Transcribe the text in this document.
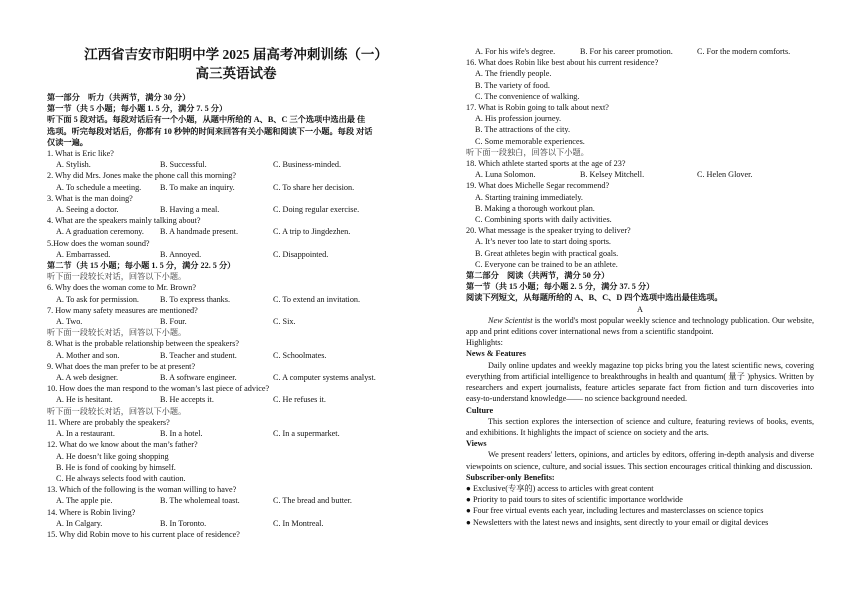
江西省吉安市阳明中学 2025 届高考冲刺训练（一）
高三英语试卷
第一部分　听力（共两节，满分 30 分）
第一节（共 5 小题；每小题 1. 5 分，满分 7. 5 分）
听下面 5 段对话。每段对话后有一个小题，从题中所给的 A、B、C 三个选项中选出最 佳
选项。听完每段对话后，你都有 10 秒钟的时间来回答有关小题和阅读下一小题。每段 对话
仅读一遍。
1. What is Eric like?
A. Stylish.	B. Successful.	C. Business-minded.
2. Why did Mrs. Jones make the phone call this morning?
A. To schedule a meeting.	B. To make an inquiry.	C. To share her decision.
3. What is the man doing?
A. Seeing a doctor.	B. Having a meal.	C. Doing regular exercise.
4. What are the speakers mainly talking about?
A. A graduation ceremony.	B. A handmade present.	C. A trip to Jingdezhen.
5.How does the woman sound?
A. Embarrassed.	B. Annoyed.	C. Disappointed.
第二节（共 15 小题；每小题 1. 5 分，满分 22. 5 分）
听下面一段较长对话，回答以下小题。
6. Why does the woman come to Mr. Brown?
A. To ask for permission.	B. To express thanks.	C. To extend an invitation.
7. How many safety measures are mentioned?
A. Two.	B. Four.	C. Six.
听下面一段较长对话，回答以下小题。
8. What is the probable relationship between the speakers?
A. Mother and son.	B. Teacher and student.	C. Schoolmates.
9. What does the man prefer to be at present?
A. A web designer.	B. A software engineer.	C. A computer systems analyst.
10. How does the man respond to the woman’s last piece of advice?
A. He is hesitant.	B. He accepts it.	C. He refuses it.
听下面一段较长对话，回答以下小题。
11. Where are probably the speakers?
A. In a restaurant.	B. In a hotel.	C. In a supermarket.
12. What do we know about the man’s father?
A. He doesn’t like going shopping
B. He is fond of cooking by himself.
C. He always selects food with caution.
13. Which of the following is the woman willing to have?
A. The apple pie.	B. The wholemeal toast.	C. The bread and butter.
14. Where is Robin living?
A. In Calgary.	B. In Toronto.	C. In Montreal.
15. Why did Robin move to his current place of residence?
A. For his wife's degree.	B. For his career promotion.	C. For the modern comforts.
16. What does Robin like best about his current residence?
A. The friendly people.
B. The variety of food.
C. The convenience of walking.
17. What is Robin going to talk about next?
A. His profession journey.
B. The attractions of the city.
C. Some memorable experiences.
听下面一段独白，回答以下小题。
18. Which athlete started sports at the age of 23?
A. Luna Solomon.	B. Kelsey Mitchell.	C. Helen Glover.
19. What does Michelle Segar recommend?
A. Starting training immediately.
B. Making a thorough workout plan.
C. Combining sports with daily activities.
20. What message is the speaker trying to deliver?
A. It’s never too late to start doing sports.
B. Great athletes begin with practical goals.
C. Everyone can be trained to be an athlete.
第二部分　阅读（共两节，满分 50 分）
第一节（共 15 小题；每小题 2. 5 分，满分 37. 5 分）
阅读下列短文，从每题所给的 A、B、C、D 四个选项中选出最佳选项。
A
New Scientist is the world's most popular weekly science and technology publication. Our website, app and print editions cover international news from a scientific standpoint.
Highlights:
News & Features
Daily online updates and weekly magazine top picks bring you the latest scientific news, covering everything from artificial intelligence to breakthroughs in health and quantum( 量子 )physics. Written by researchers and expert journalists, feature articles separate fact from fiction and turn discoveries into easy-to-understand knowledge—— no science background needed.
Culture
This section explores the intersection of science and culture, featuring reviews of books, events, and exhibitions. It highlights the impact of science on society and the arts.
Views
We present readers' letters, opinions, and articles by editors, offering in-depth analysis and diverse viewpoints on science, culture, and social issues. This section encourages critical thinking and discussion.
Subscriber-only Benefits:
● Exclusive(专享的) access to articles with great content
● Priority to paid tours to sites of scientific importance worldwide
● Four free virtual events each year, including lectures and masterclasses on science topics
● Newsletters with the latest news and insights, sent directly to your email or digital devices
